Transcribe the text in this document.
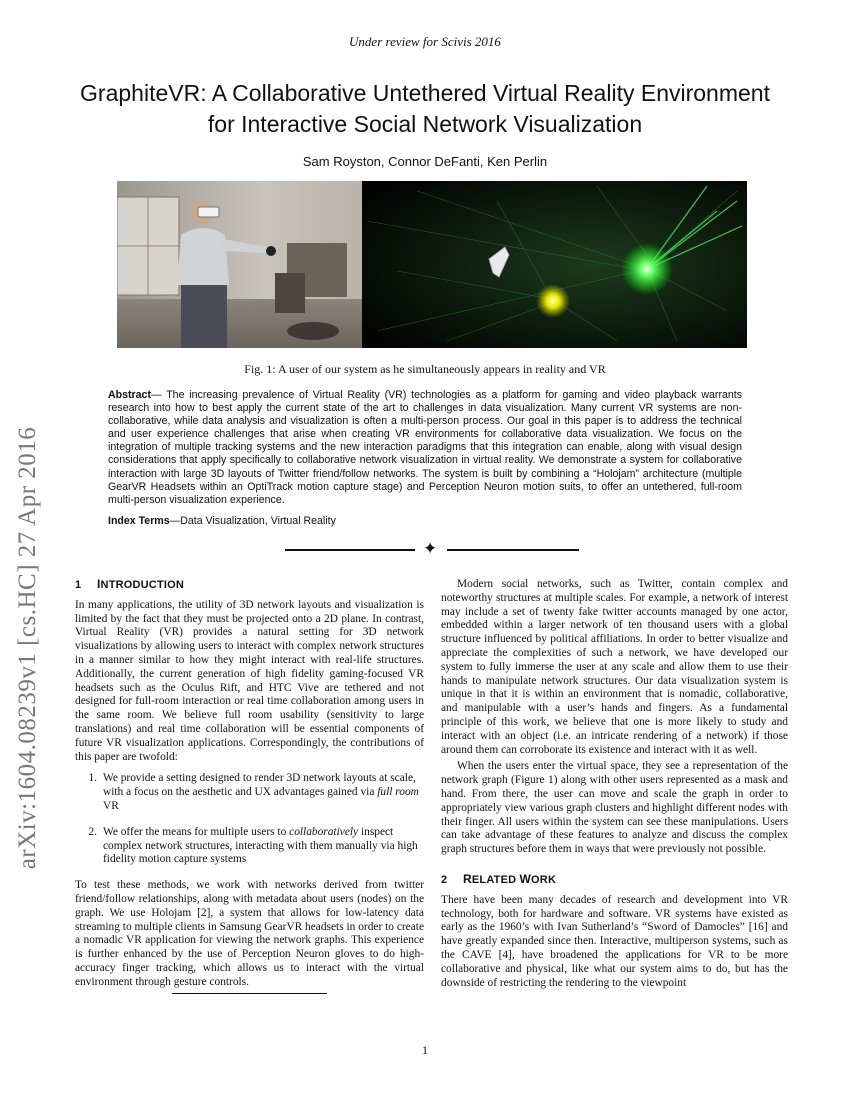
Under review for Scivis 2016
GraphiteVR: A Collaborative Untethered Virtual Reality Environment for Interactive Social Network Visualization
Sam Royston, Connor DeFanti, Ken Perlin
arXiv:1604.08239v1 [cs.HC] 27 Apr 2016
Fig. 1: A user of our system as he simultaneously appears in reality and VR

Abstract— The increasing prevalence of Virtual Reality (VR) technologies as a platform for gaming and video playback warrants research into how to best apply the current state of the art to challenges in data visualization. Many current VR systems are non-collaborative, while data analysis and visualization is often a multi-person process. Our goal in this paper is to address the technical and user experience challenges that arise when creating VR environments for collaborative data visualization. We focus on the integration of multiple tracking systems and the new interaction paradigms that this integration can enable, along with visual design considerations that apply specifically to collaborative network visualization in virtual reality. We demonstrate a system for collaborative interaction with large 3D layouts of Twitter friend/follow networks. The system is built by combining a “Holojam” architecture (multiple GearVR Headsets within an OptiTrack motion capture stage) and Perception Neuron motion suits, to offer an untethered, full-room multi-person visualization experience.

Index Terms—Data Visualization, Virtual Reality

✦
1 INTRODUCTION

In many applications, the utility of 3D network layouts and visualization is limited by the fact that they must be projected onto a 2D plane. In contrast, Virtual Reality (VR) provides a natural setting for 3D network visualizations by allowing users to interact with complex network structures in a manner similar to how they might interact with real-life structures. Additionally, the current generation of high fidelity gaming-focused VR headsets such as the Oculus Rift, and HTC Vive are tethered and not designed for full-room interaction or real time collaboration among users in the same room. We believe full room usability (sensitivity to large translations) and real time collaboration will be essential components of future VR visualization applications. Correspondingly, the contributions of this paper are twofold:

1. We provide a setting designed to render 3D network layouts at scale, with a focus on the aesthetic and UX advantages gained via full room VR
2. We offer the means for multiple users to collaboratively inspect complex network structures, interacting with them manually via high fidelity motion capture systems

To test these methods, we work with networks derived from twitter friend/follow relationships, along with metadata about users (nodes) on the graph. We use Holojam [2], a system that allows for low-latency data streaming to multiple clients in Samsung GearVR headsets in order to create a nomadic VR application for viewing the network graphs. This experience is further enhanced by the use of Perception Neuron gloves to do high-accuracy finger tracking, which allows us to interact with the virtual environment through gesture controls.

Modern social networks, such as Twitter, contain complex and noteworthy structures at multiple scales. For example, a network of interest may include a set of twenty fake twitter accounts managed by one actor, embedded within a larger network of ten thousand users with a global structure influenced by political affiliations. In order to better visualize and appreciate the complexities of such a network, we have developed our system to fully immerse the user at any scale and allow them to use their hands to manipulate network structures. Our data visualization system is unique in that it is within an environment that is nomadic, collaborative, and manipulable with a user’s hands and fingers. As a fundamental principle of this work, we believe that one is more likely to study and interact with an object (i.e. an intricate rendering of a network) if those around them can corroborate its existence and interact with it as well.

When the users enter the virtual space, they see a representation of the network graph (Figure 1) along with other users represented as a mask and hand. From there, the user can move and scale the graph in order to appropriately view various graph clusters and highlight different nodes with their finger. All users within the system can see these manipulations. Users can take advantage of these features to analyze and discuss the complex graph structures before them in ways that were previously not possible.

2 RELATED WORK

There have been many decades of research and development into VR technology, both for hardware and software. VR systems have existed as early as the 1960’s with Ivan Sutherland’s “Sword of Damocles” [16] and have greatly expanded since then. Interactive, multiperson systems, such as the CAVE [4], have broadened the applications for VR to be more collaborative and physical, like what our system aims to do, but has the downside of restricting the rendering to the viewpoint

1
